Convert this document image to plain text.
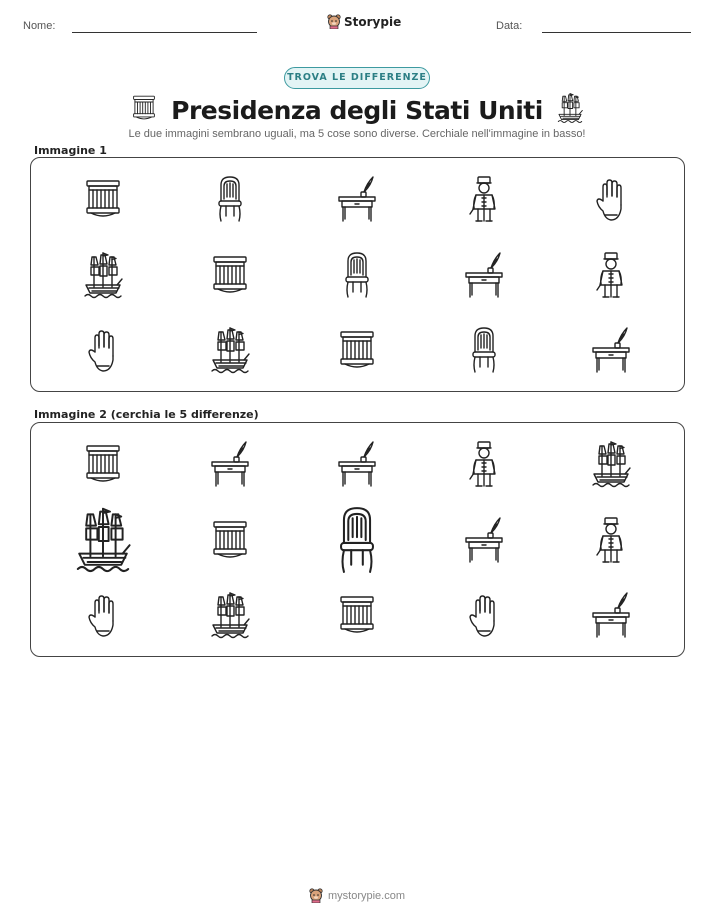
Nome:	Storypie	Data:
TROVA LE DIFFERENZE
Presidenza degli Stati Uniti
Le due immagini sembrano uguali, ma 5 cose sono diverse. Cerchiale nell'immagine in basso!
Immagine 1
Immagine 2 (cerchia le 5 differenze)
mystorypie.com
